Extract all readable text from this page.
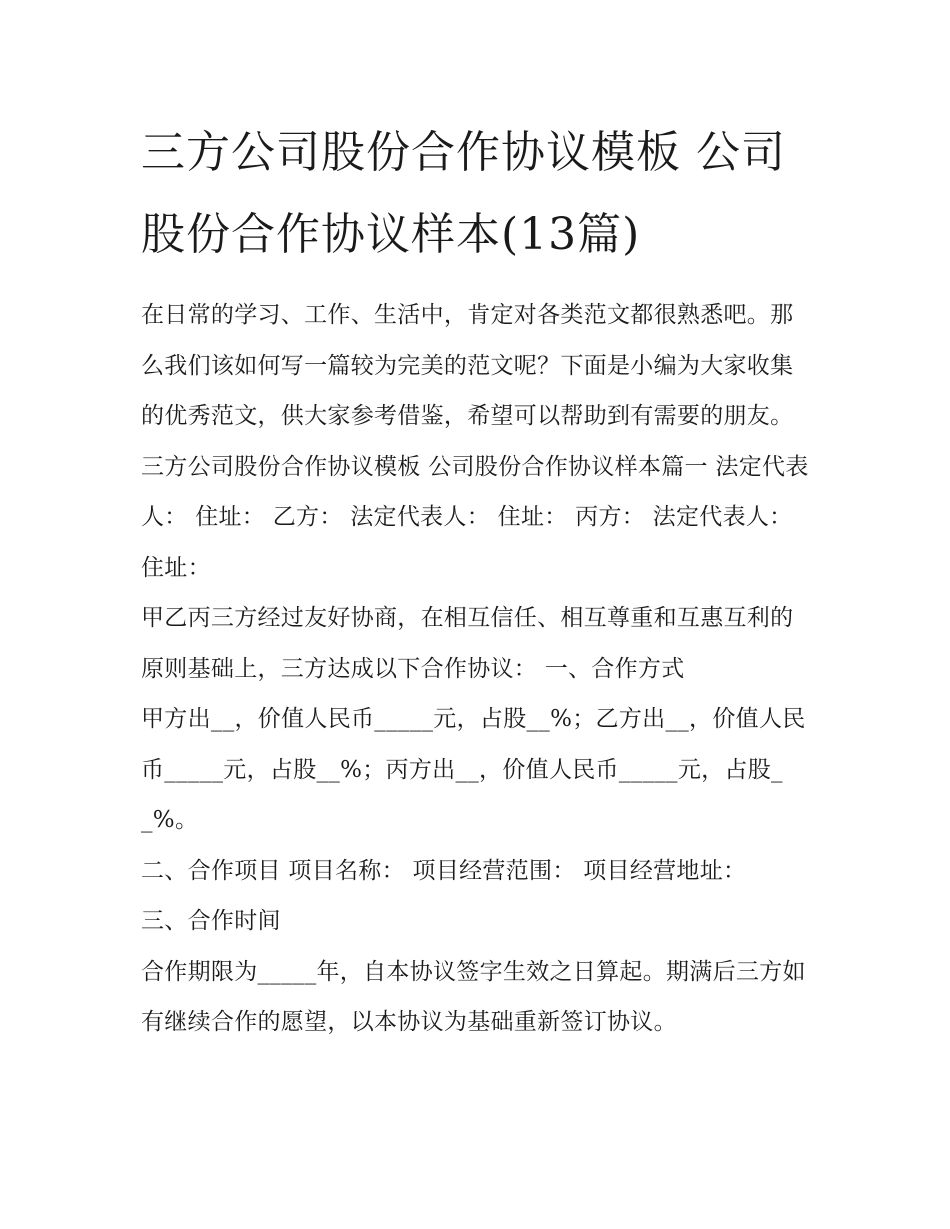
三方公司股份合作协议模板 公司股份合作协议样本(13篇)

在日常的学习、工作、生活中，肯定对各类范文都很熟悉吧。那么我们该如何写一篇较为完美的范文呢？下面是小编为大家收集的优秀范文，供大家参考借鉴，希望可以帮助到有需要的朋友。

三方公司股份合作协议模板 公司股份合作协议样本篇一 法定代表人： 住址： 乙方： 法定代表人： 住址： 丙方： 法定代表人： 住址：

甲乙丙三方经过友好协商，在相互信任、相互尊重和互惠互利的原则基础上，三方达成以下合作协议： 一、合作方式

甲方出__，价值人民币_____元，占股__%；乙方出__，价值人民币_____元，占股__%；丙方出__，价值人民币_____元，占股__%。

二、合作项目 项目名称： 项目经营范围： 项目经营地址：

三、合作时间

合作期限为_____年，自本协议签字生效之日算起。期满后三方如有继续合作的愿望，以本协议为基础重新签订协议。
